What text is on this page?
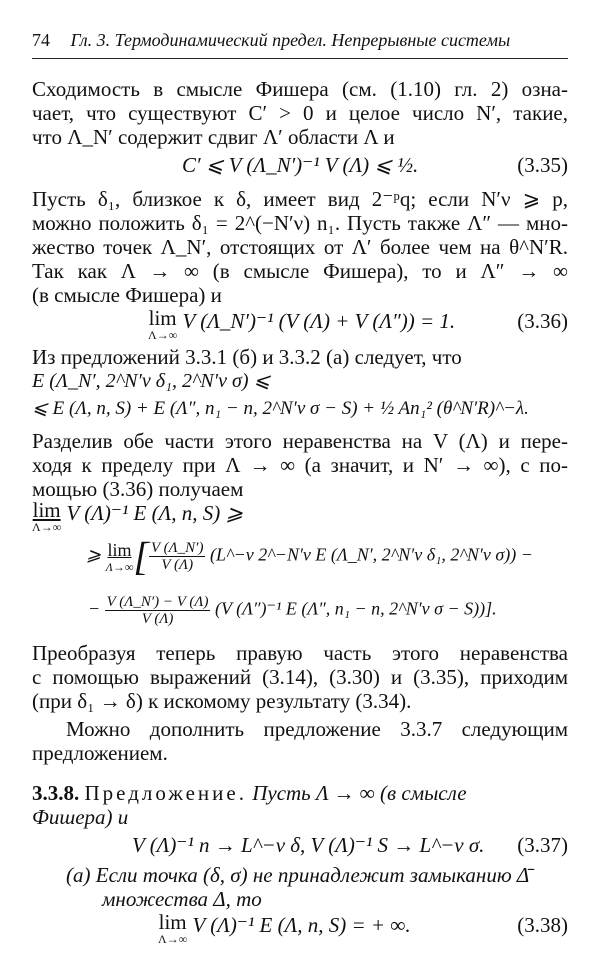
74 Гл. 3. Термодинамический предел. Непрерывные системы
Сходимость в смысле Фишера (см. (1.10) гл. 2) озна-
чает, что существуют C′ > 0 и целое число N′, такие,
что Λ_N′ содержит сдвиг Λ′ области Λ и
C′ ⩽ V (Λ_N′)⁻¹ V (Λ) ⩽ ½.	(3.35)
Пусть δ₁, близкое к δ, имеет вид 2⁻ᵖq; если N′ν ⩾ p,
можно положить δ₁ = 2^(−N′ν) n₁. Пусть также Λ″ — мно-
жество точек Λ_N′, отстоящих от Λ′ более чем на θ^N′R.
Так как Λ → ∞ (в смысле Фишера), то и Λ″ → ∞
(в смысле Фишера) и
lim
Λ→∞
V (Λ_N′)⁻¹ (V (Λ) + V (Λ″)) = 1.	(3.36)
Из предложений 3.3.1 (б) и 3.3.2 (а) следует, что
E (Λ_N′, 2^N′ν δ₁, 2^N′ν σ) ⩽
⩽ E (Λ, n, S) + E (Λ″, n₁ − n, 2^N′ν σ − S) + ½ An₁² (θ^N′R)^−λ.
Разделив обе части этого неравенства на V (Λ) и пере-
ходя к пределу при Λ → ∞ (а значит, и N′ → ∞), с по-
мощью (3.36) получаем
lim
Λ→∞
V (Λ)⁻¹ E (Λ, n, S) ⩾
⩾ lim
Λ→∞ [ $\frac{V (\Lambda\_N')}{V (\Lambda)}$ (L^−ν 2^−N′ν E (Λ_N′, 2^N′ν δ₁, 2^N′ν σ)) −
− $\frac{V (\Lambda\_N') - V (\Lambda)}{V (\Lambda)} (V$ (Λ″)⁻¹ E (Λ″, n₁ − n, 2^N′ν σ − S))].
Преобразуя теперь правую часть этого неравенства
с помощью выражений (3.14), (3.30) и (3.35), приходим
(при δ₁ → δ) к искомому результату (3.34).
Можно дополнить предложение 3.3.7 следующим
предложением.
3.3.8. Предложение. Пусть Λ → ∞ (в смысле
Фишера) и
V (Λ)⁻¹ n → L^−ν δ, V (Λ)⁻¹ S → L^−ν σ. (3.37)
(а) Если точка (δ, σ) не принадлежит замыканию Δ̄
множества Δ, то
lim
Λ→∞
V (Λ)⁻¹ E (Λ, n, S) = + ∞.	(3.38)
